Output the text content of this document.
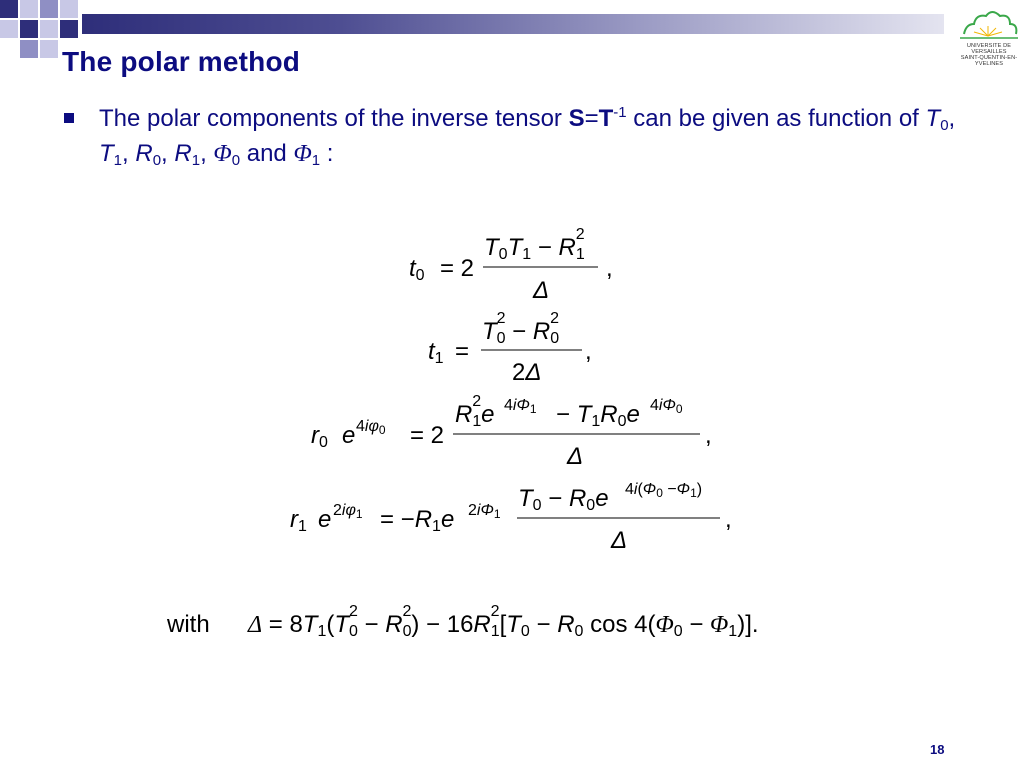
UNIVERSITE DE VERSAILLES
SAINT-QUENTIN-EN-YVELINES
The polar method
The polar components of the inverse tensor $S=T^{-1}$ can be given as function of $T_0$, $T_1$, $R_0$, $R_1$, $\Phi_0$ and $\Phi_1$ :
t0 = 2
T0T1 − R12
Δ
,
t1 =
T02 − R02
2Δ
,
r0 e 4iφ0 = 2
R12e 4iΦ1 − T1R0e 4iΦ0
Δ
,
r1 e 2iφ1 = −R1e 2iΦ1
T0 − R0e 4i(Φ0 −Φ1)
Δ
,
with Δ = 8T1(T02 − R02) − 16R12[T0 − R0 cos 4(Φ0 − Φ1)].
18
